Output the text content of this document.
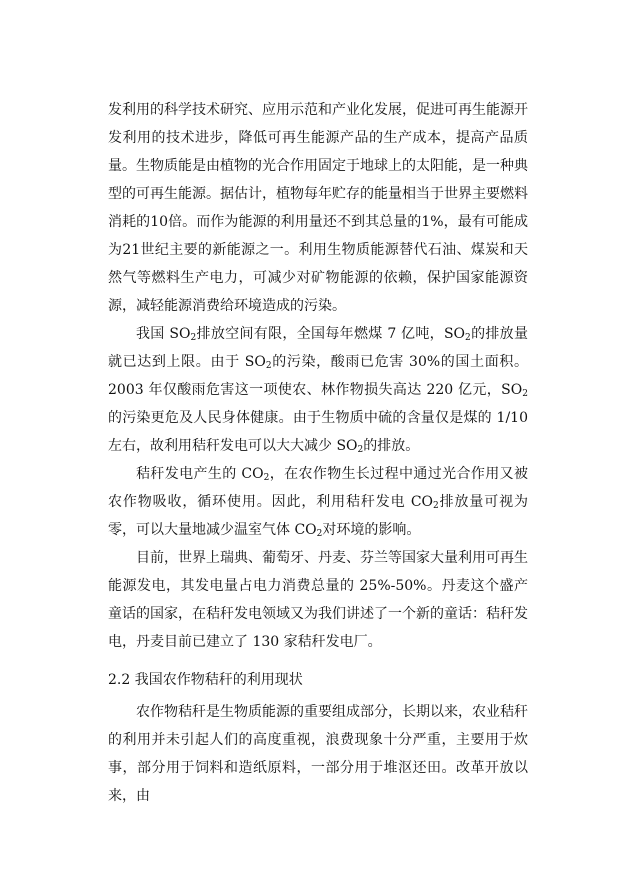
发利用的科学技术研究、应用示范和产业化发展，促进可再生能源开发利用的技术进步，降低可再生能源产品的生产成本，提高产品质量。 生物质能是由植物的光合作用固定于地球上的太阳能，是一种典型的可再生能源。据估计，植物每年贮存的能量相当于世界主要燃料消耗的10倍。而作为能源的利用量还不到其总量的1%，最有可能成为21世纪主要的新能源之一。利用生物质能源替代石油、煤炭和天然气等燃料生产电力，可减少对矿物能源的依赖，保护国家能源资源，减轻能源消费给环境造成的污染。

我国 $SO_2$排放空间有限，全国每年燃煤 7 亿吨，$SO_2$的排放量就已达到上限。由于 $SO_2$的污染，酸雨已危害 30%的国土面积。2003 年仅酸雨危害这一项使农、林作物损失高达 220 亿元，$SO_2$的污染更危及人民身体健康。由于生物质中硫的含量仅是煤的 1/10 左右，故利用秸秆发电可以大大减少 $SO_2$的排放。

秸秆发电产生的 $CO_2$，在农作物生长过程中通过光合作用又被农作物吸收，循环使用。因此，利用秸秆发电 $CO_2$排放量可视为零，可以大量地减少温室气体 $CO_2$对环境的影响。

目前，世界上瑞典、葡萄牙、丹麦、芬兰等国家大量利用可再生能源发电，其发电量占电力消费总量的 25%-50%。丹麦这个盛产童话的国家，在秸秆发电领域又为我们讲述了一个新的童话：秸秆发电，丹麦目前已建立了 130 家秸秆发电厂。

2.2 我国农作物秸秆的利用现状

农作物秸秆是生物质能源的重要组成部分，长期以来，农业秸秆的利用并未引起人们的高度重视，浪费现象十分严重，主要用于炊事，部分用于饲料和造纸原料，一部分用于堆沤还田。改革开放以来，由
